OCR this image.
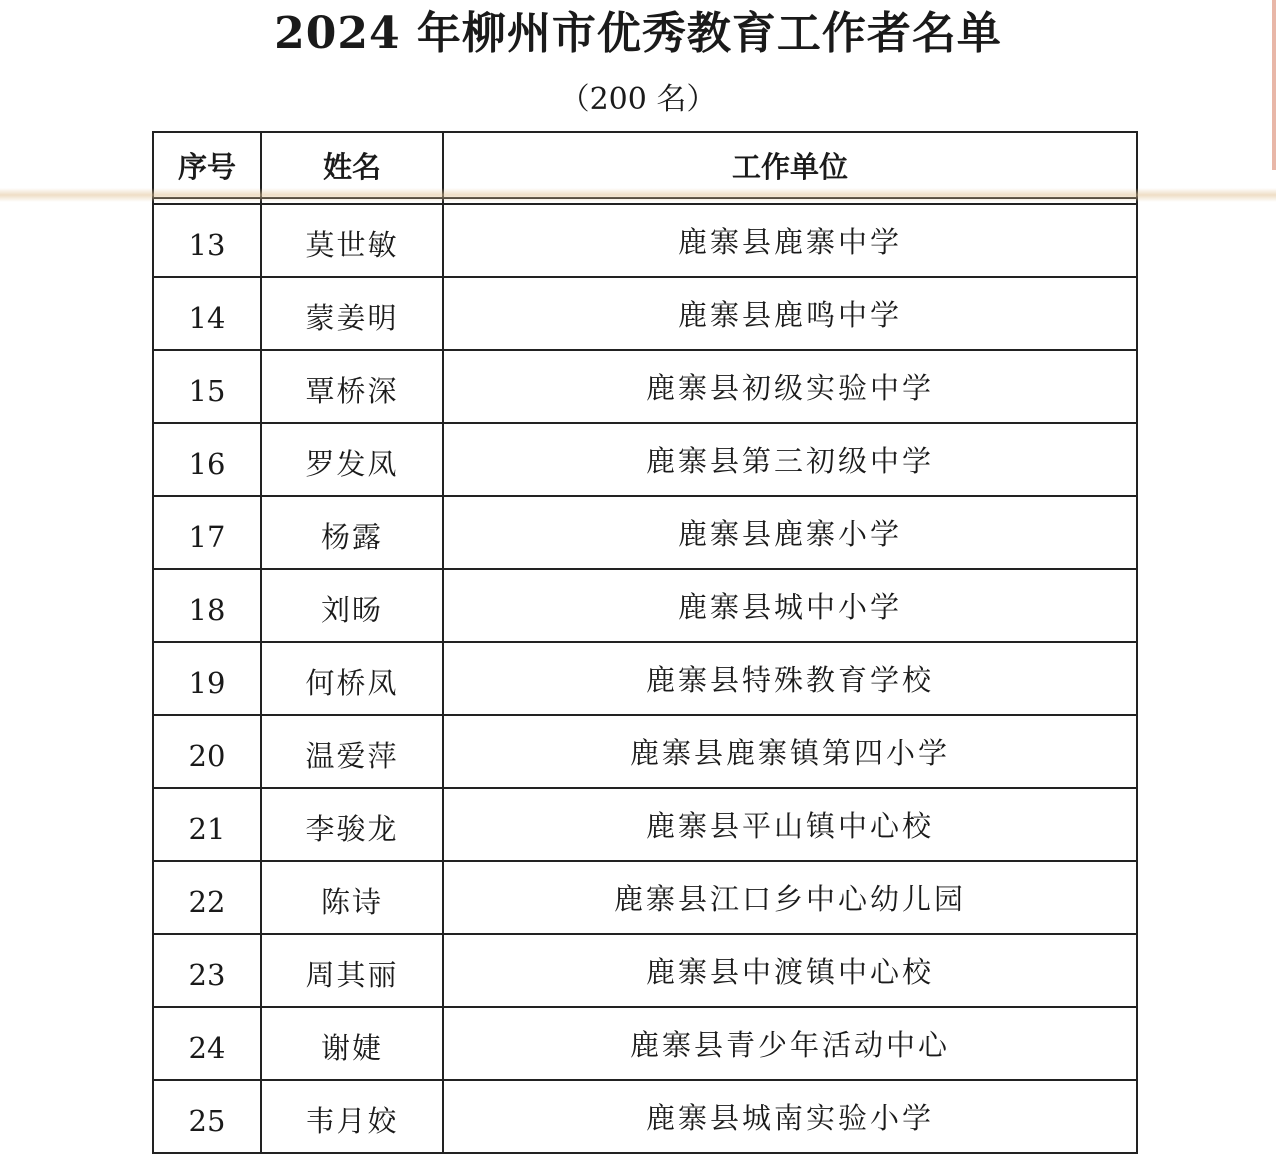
2024 年柳州市优秀教育工作者名单
（200 名）
序号	姓名	工作单位

13	莫世敏	鹿寨县鹿寨中学
14	蒙姜明	鹿寨县鹿鸣中学
15	覃桥深	鹿寨县初级实验中学
16	罗发凤	鹿寨县第三初级中学
17	杨露	鹿寨县鹿寨小学
18	刘旸	鹿寨县城中小学
19	何桥凤	鹿寨县特殊教育学校
20	温爱萍	鹿寨县鹿寨镇第四小学
21	李骏龙	鹿寨县平山镇中心校
22	陈诗	鹿寨县江口乡中心幼儿园
23	周其丽	鹿寨县中渡镇中心校
24	谢婕	鹿寨县青少年活动中心
25	韦月姣	鹿寨县城南实验小学
